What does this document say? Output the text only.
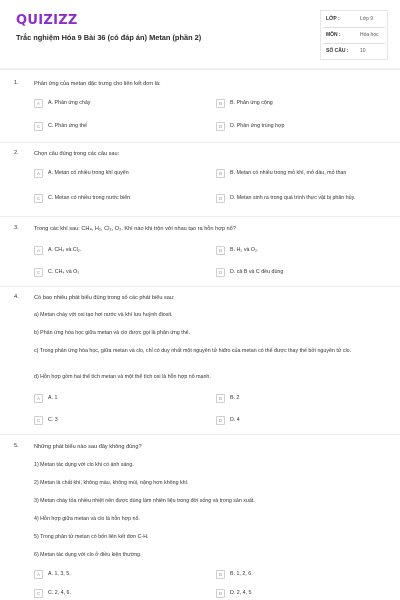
QUIZIZZ
Trắc nghiệm Hóa 9 Bài 36 (có đáp án) Metan (phần 2)
LỚP :	Lớp 9
MÔN :	Hóa học
SỐ CÂU : 10
1.	Phản ứng của metan đặc trưng cho liên kết đơn là:
A	A. Phản ứng cháy	B	B. Phản ứng cộng
C	C. Phản ứng thế	D	D. Phản ứng trùng hợp
2.	Chọn câu đúng trong các câu sau:
A	A. Metan có nhiều trong khí quyển	B	B. Metan có nhiều trong mỏ khí, mỏ dầu, mỏ than
C	C. Metan có nhiều trong nước biển	D	D. Metan sinh ra trong quá trình thực vật bị phân hủy.
3.	Trong các khí sau: CH₄, H₂, Cl₂, O₂. Khí nào khi trộn với nhau tạo ra hỗn hợp nổ?
A	A. CH₄ và Cl₂.	B	B. H₂ và O₂.
C	C. CH₄ và O₂	D	D. cả B và C đều đúng
4.	Có bao nhiêu phát biểu đúng trong số các phát biểu sau:
a) Metan cháy với oxi tạo hơi nước và khí lưu huỳnh đioxit.
b) Phản ứng hóa học giữa metan và clo được gọi là phản ứng thế.
c) Trong phản ứng hóa học, giữa metan và clo, chỉ có duy nhất một nguyên tử hiđro của metan có thể được thay thế bởi nguyên tử clo.
d) Hỗn hợp gồm hai thể tích metan và một thể tích oxi là hỗn hợp nổ mạnh.
A	A. 1	B	B. 2
C	C. 3	D	D. 4
5.	Những phát biểu nào sau đây không đúng?
1) Metan tác dụng với clo khi có ánh sáng.
2) Metan là chất khí, không màu, không mùi, nặng hơn không khí.
3) Metan cháy tỏa nhiều nhiệt nên được dùng làm nhiên liệu trong đời sống và trong sản xuất.
4) Hỗn hợp giữa metan và clo là hỗn hợp nổ.
5) Trong phân tử metan có bốn liên kết đơn C-H.
6) Metan tác dụng với clo ở điều kiện thường.
A	A. 1, 3, 5.	B	B. 1, 2, 6.
C	C. 2, 4, 6.	D	D. 2, 4, 5
